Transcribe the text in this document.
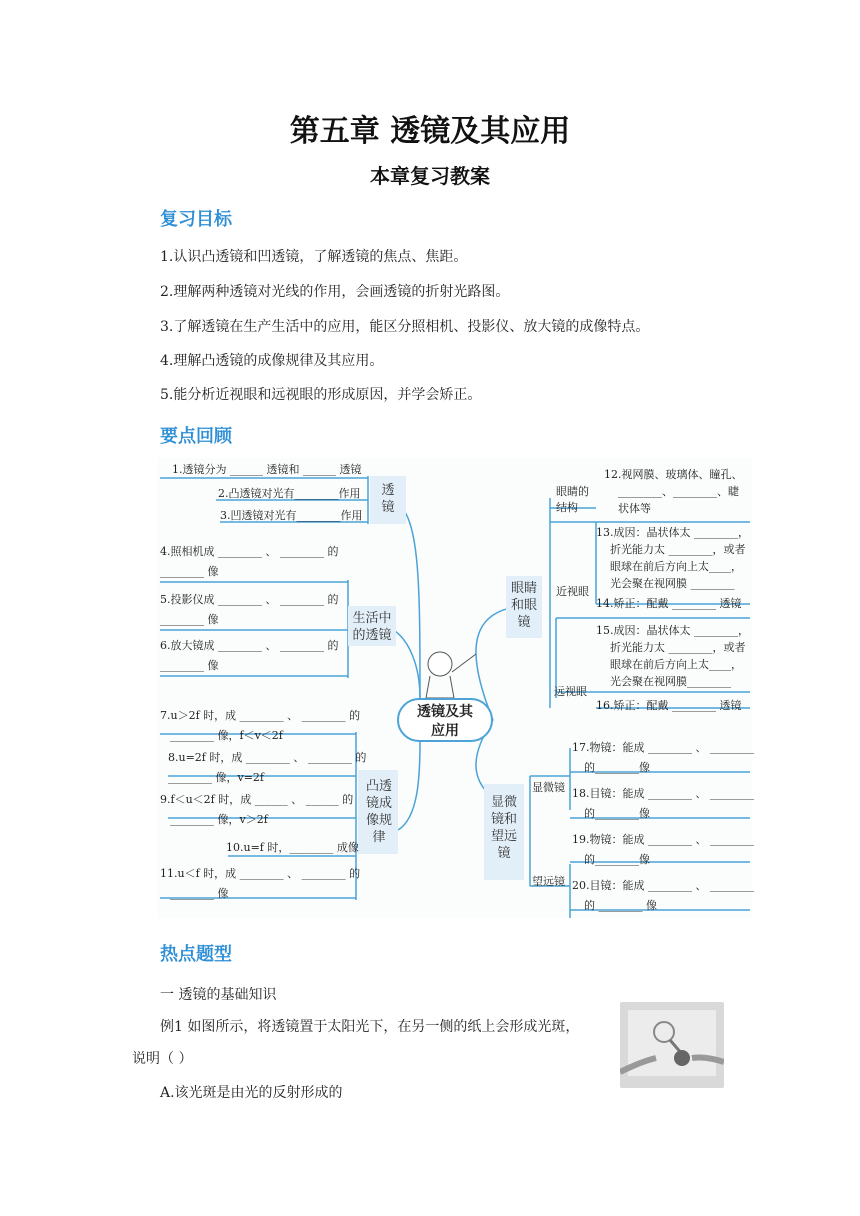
第五章 透镜及其应用
本章复习教案
复习目标
1.认识凸透镜和凹透镜，了解透镜的焦点、焦距。
2.理解两种透镜对光线的作用，会画透镜的折射光路图。
3.了解透镜在生产生活中的应用，能区分照相机、投影仪、放大镜的成像特点。
4.理解凸透镜的成像规律及其应用。
5.能分析近视眼和远视眼的形成原因，并学会矫正。
要点回顾
透镜及其
应用
透
镜
1.透镜分为 ______ 透镜和 ______ 透镜
2.凸透镜对光有________作用
3.凹透镜对光有________作用
生活中
的透镜
4.照相机成 ________ 、 ________ 的
________ 像
5.投影仪成 ________ 、 ________ 的
________ 像
6.放大镜成 ________ 、 ________ 的
________ 像
凸透
镜成
像规
律
7.u＞2f 时，成 ________ 、 ________ 的
________ 像，f＜v＜2f
8.u=2f 时，成 ________ 、 ________ 的
________ 像，v=2f
9.f＜u＜2f 时，成 ______ 、 ______ 的
________ 像，v＞2f
10.u=f 时，________ 成像
11.u＜f 时，成 ________ 、 ________ 的
________ 像
眼睛
和眼
镜
眼睛的
结构
12.视网膜、玻璃体、瞳孔、
________、________、睫
状体等
近视眼
13.成因：晶状体太 ________，
折光能力太 ________，或者
眼球在前后方向上太____，
光会聚在视网膜 ________
14.矫正：配戴 ________ 透镜
15.成因：晶状体太 ________，
折光能力太 ________，或者
眼球在前后方向上太____，
光会聚在视网膜________
远视眼
16.矫正：配戴 ________ 透镜
显微
镜和
望远
镜
显微镜
17.物镜：能成 ________ 、 ________
的________像
18.目镜：能成 ________ 、 ________
的________像
望远镜
19.物镜：能成 ________ 、 ________
的________像
20.目镜：能成 ________ 、 ________
的 ________ 像
热点题型
一 透镜的基础知识
例1 如图所示，将透镜置于太阳光下，在另一侧的纸上会形成光斑，
说明（ ）
A.该光斑是由光的反射形成的
